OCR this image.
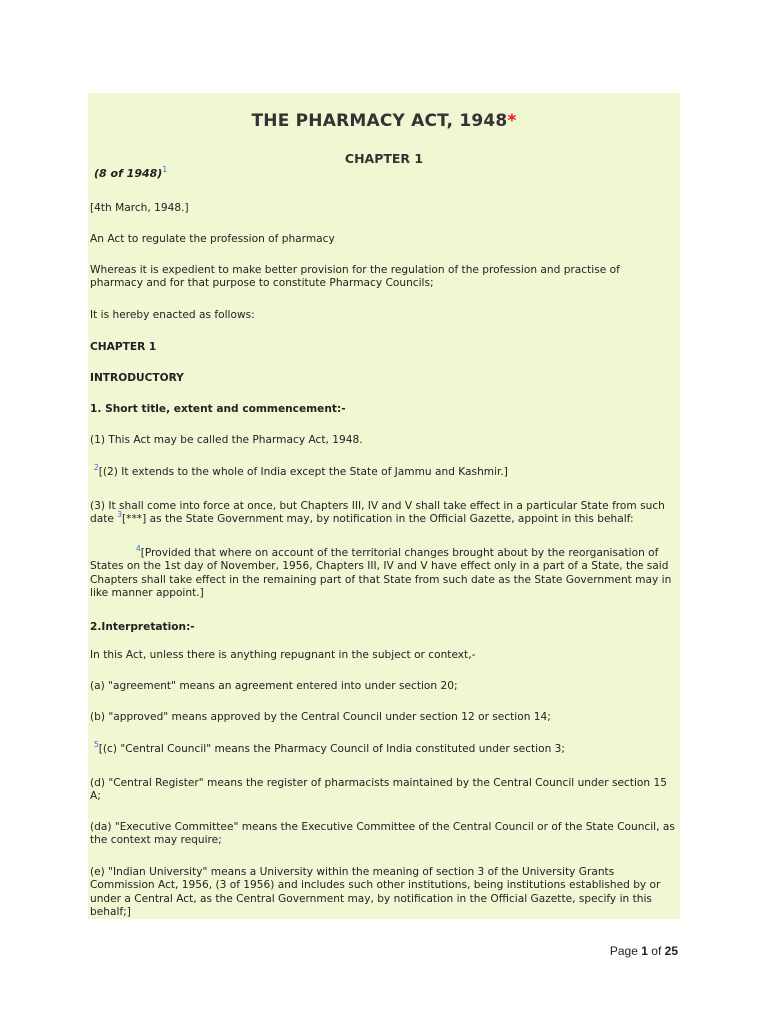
THE PHARMACY ACT, 1948*
CHAPTER 1
(8 of 1948)$^1$
[4th March, 1948.]
An Act to regulate the profession of pharmacy
Whereas it is expedient to make better provision for the regulation of the profession and practise of pharmacy and for that purpose to constitute Pharmacy Councils;
It is hereby enacted as follows:
CHAPTER 1
INTRODUCTORY
1. Short title, extent and commencement:-
(1) This Act may be called the Pharmacy Act, 1948.
$^2$[(2) It extends to the whole of India except the State of Jammu and Kashmir.]
(3) It shall come into force at once, but Chapters III, IV and V shall take effect in a particular State from such date $^3$[***] as the State Government may, by notification in the Official Gazette, appoint in this behalf:
$^4$[Provided that where on account of the territorial changes brought about by the reorganisation of States on the 1st day of November, 1956, Chapters III, IV and V have effect only in a part of a State, the said Chapters shall take effect in the remaining part of that State from such date as the State Government may in like manner appoint.]
2.Interpretation:-
In this Act, unless there is anything repugnant in the subject or context,-
(a) "agreement" means an agreement entered into under section 20;
(b) "approved" means approved by the Central Council under section 12 or section 14;
$^5$[(c) "Central Council" means the Pharmacy Council of India constituted under section 3;
(d) "Central Register" means the register of pharmacists maintained by the Central Council under section 15 A;
(da) "Executive Committee" means the Executive Committee of the Central Council or of the State Council, as the context may require;
(e) "Indian University" means a University within the meaning of section 3 of the University Grants Commission Act, 1956, (3 of 1956) and includes such other institutions, being institutions established by or under a Central Act, as the Central Government may, by notification in the Official Gazette, specify in this behalf;]
Page 1 of 25
